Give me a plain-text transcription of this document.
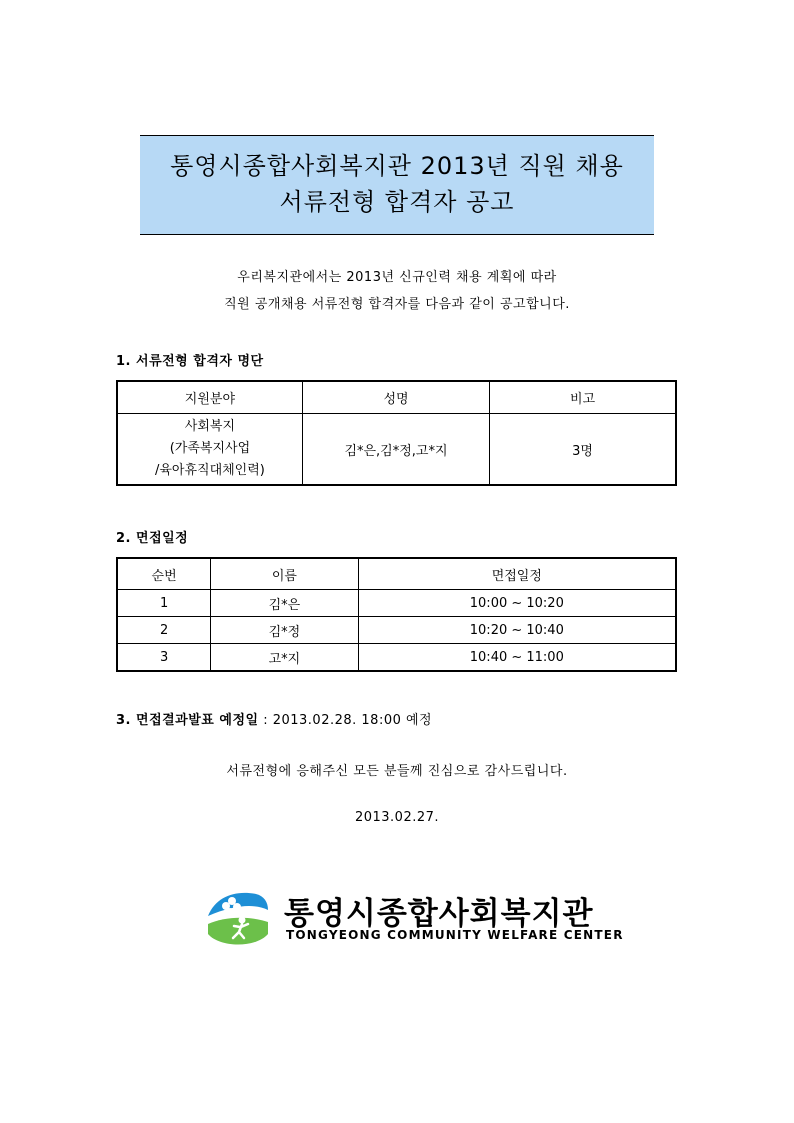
통영시종합사회복지관 2013년 직원 채용
서류전형 합격자 공고
우리복지관에서는 2013년 신규인력 채용 계획에 따라
직원 공개채용 서류전형 합격자를 다음과 같이 공고합니다.
1. 서류전형 합격자 명단
지원분야	성명	비고

사회복지
(가족복지사업
/육아휴직대체인력)	김*은,김*정,고*지	3명
2. 면접일정
순번	이름	면접일정
1	김*은	10:00 ~ 10:20
2	김*정	10:20 ~ 10:40
3	고*지	10:40 ~ 11:00
3. 면접결과발표 예정일 : 2013.02.28. 18:00 예정
서류전형에 응해주신 모든 분들께 진심으로 감사드립니다.
2013.02.27.
통영시종합사회복지관
TONGYEONG COMMUNITY WELFARE CENTER
